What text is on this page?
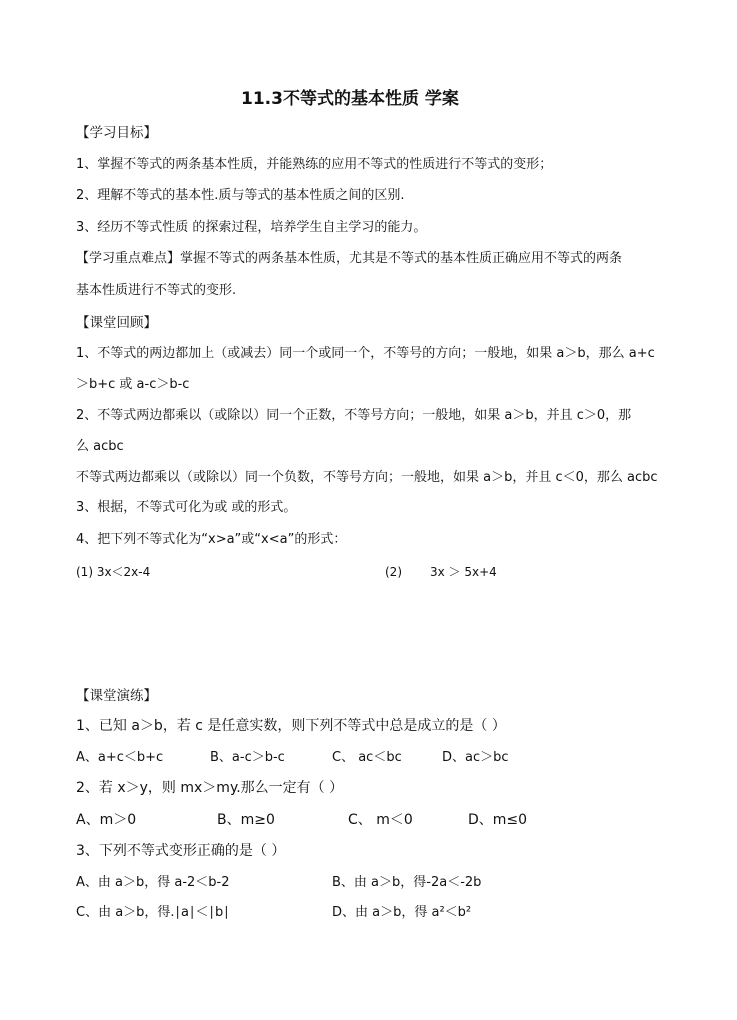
11.3不等式的基本性质 学案
【学习目标】
1、掌握不等式的两条基本性质，并能熟练的应用不等式的性质进行不等式的变形；
2、理解不等式的基本性.质与等式的基本性质之间的区别.
3、经历不等式性质 的探索过程，培养学生自主学习的能力。
【学习重点难点】掌握不等式的两条基本性质，尤其是不等式的基本性质正确应用不等式的两条
基本性质进行不等式的变形.
【课堂回顾】
1、不等式的两边都加上（或减去）同一个或同一个，不等号的方向；一般地，如果 a＞b，那么 a+c
＞b+c 或 a-c＞b-c
2、不等式两边都乘以（或除以）同一个正数，不等号方向；一般地，如果 a＞b，并且 c＞0，那
么 acbc
不等式两边都乘以（或除以）同一个负数，不等号方向；一般地，如果 a＞b，并且 c＜0，那么 acbc
3、根据，不等式可化为或 或的形式。
4、把下列不等式化为“x>a”或“x<a”的形式：
(1) 3x＜2x-4	(2) 3x ＞ 5x+4
【课堂演练】
1、已知 a＞b，若 c 是任意实数，则下列不等式中总是成立的是（ ）
A、a+c＜b+c	B、a-c＞b-c	C、 ac＜bc	D、ac＞bc
2、若 x＞y，则 mx＞my.那么一定有（ ）
A、m＞0	B、m≥0	C、 m＜0	D、m≤0
3、下列不等式变形正确的是（ ）
A、由 a＞b，得 a-2＜b-2	B、由 a＞b，得-2a＜-2b
C、由 a＞b，得.∣a∣＜∣b∣	D、由 a＞b，得 a²＜b²
